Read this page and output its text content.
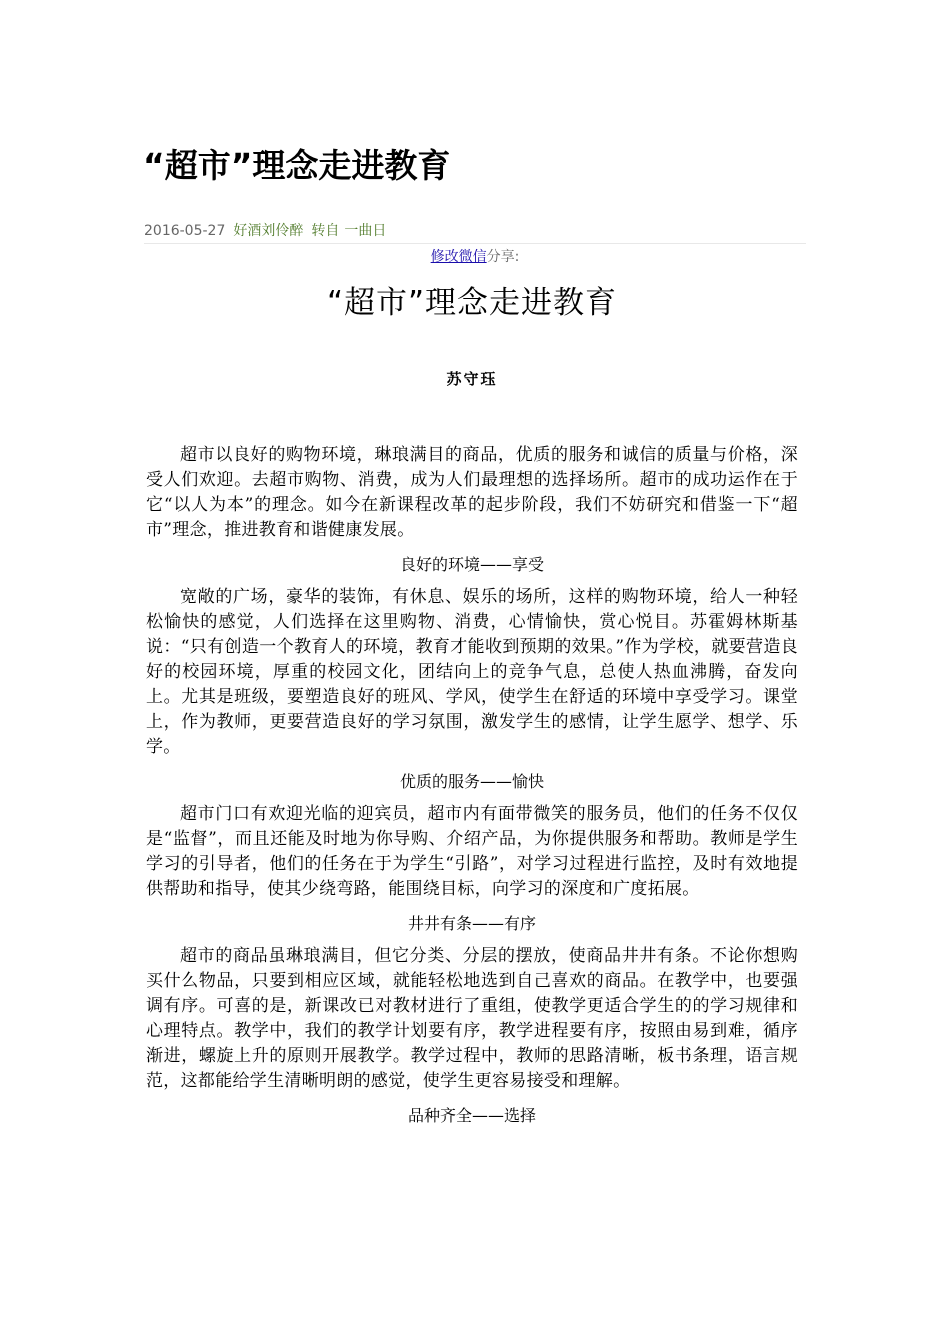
“超市”理念走进教育
2016-05-27 好酒刘伶醉 转自 一曲日
修改微信分享:
“超市”理念走进教育

苏守珏

超市以良好的购物环境，琳琅满目的商品，优质的服务和诚信的质量与价格，深受人们欢迎。去超市购物、消费，成为人们最理想的选择场所。超市的成功运作在于它“以人为本”的理念。如今在新课程改革的起步阶段，我们不妨研究和借鉴一下“超市”理念，推进教育和谐健康发展。

良好的环境——享受

宽敞的广场，豪华的装饰，有休息、娱乐的场所，这样的购物环境，给人一种轻松愉快的感觉，人们选择在这里购物、消费，心情愉快，赏心悦目。苏霍姆林斯基说：“只有创造一个教育人的环境，教育才能收到预期的效果。”作为学校，就要营造良好的校园环境，厚重的校园文化，团结向上的竞争气息，总使人热血沸腾，奋发向上。尤其是班级，要塑造良好的班风、学风，使学生在舒适的环境中享受学习。课堂上，作为教师，更要营造良好的学习氛围，激发学生的感情，让学生愿学、想学、乐学。

优质的服务——愉快

超市门口有欢迎光临的迎宾员，超市内有面带微笑的服务员，他们的任务不仅仅是“监督”，而且还能及时地为你导购、介绍产品，为你提供服务和帮助。教师是学生学习的引导者，他们的任务在于为学生“引路”，对学习过程进行监控，及时有效地提供帮助和指导，使其少绕弯路，能围绕目标，向学习的深度和广度拓展。

井井有条——有序

超市的商品虽琳琅满目，但它分类、分层的摆放，使商品井井有条。不论你想购买什么物品，只要到相应区域，就能轻松地选到自己喜欢的商品。在教学中，也要强调有序。可喜的是，新课改已对教材进行了重组，使教学更适合学生的的学习规律和心理特点。教学中，我们的教学计划要有序，教学进程要有序，按照由易到难，循序渐进，螺旋上升的原则开展教学。教学过程中，教师的思路清晰，板书条理，语言规范，这都能给学生清晰明朗的感觉，使学生更容易接受和理解。

品种齐全——选择
